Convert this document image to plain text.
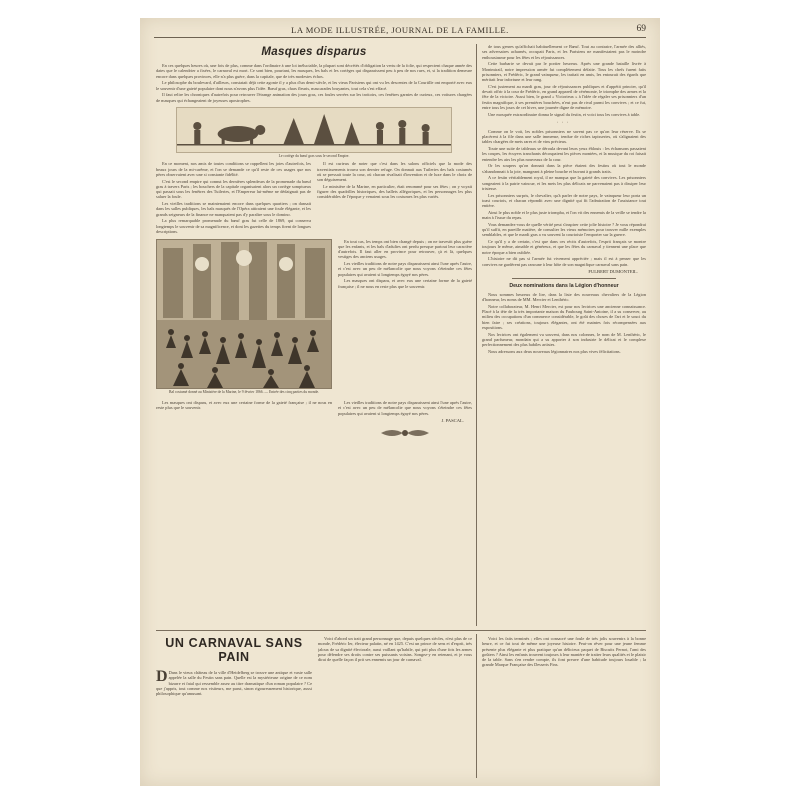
LA MODE ILLUSTRÉE, JOURNAL DE LA FAMILLE.	69
Masques disparus

En ces quelques heures où, une fois de plus, comme dans l'ordinaire à une loi inéluctable, la plupart sont décrétés d'obligation la vertu de la folie, qui respectent chaque année des dates que le calendrier a fixées, le carnaval est mort. Ce sont bien, pourtant, les masques, les bals et les cortèges qui disparaissent peu à peu de nos rues, et, si la tradition demeure encore dans quelques provinces, elle n'a plus guère, dans la capitale, que de très modestes échos.

Le philosophe du boulevard, d'ailleurs, constatait déjà cette agonie il y a plus d'un demi-siècle, et les vieux Parisiens qui ont vu les descentes de la Courtille ont emporté avec eux le souvenir d'une gaieté populaire dont nous n'avons plus l'idée. Bœuf gras, chars fleuris, mascarades bruyantes, tout cela s'est effacé.

Il faut relire les chroniques d'autrefois pour retrouver l'étrange animation des jours gras, ces foules serrées sur les trottoirs, ces fenêtres garnies de curieux, ces voitures chargées de masques qui échangeaient de joyeuses apostrophes.

Le cortège du bœuf gras sous le second Empire.

En ce moment, nos amis de toutes conditions se rappellent les joies d'autrefois, les beaux jours de la mi-carême, et l'on se demande ce qu'il reste de ces usages que nos pères observaient avec une si constante fidélité.

C'est le second empire qui connut les dernières splendeurs de la promenade du bœuf gras à travers Paris ; les bouchers de la capitale organisaient alors un cortège somptueux qui passait sous les fenêtres des Tuileries, et l'Empereur lui-même ne dédaignait pas de saluer la foule.

Les vieilles traditions se maintenaient encore dans quelques quartiers ; on dansait dans les salles publiques, les bals masqués de l'Opéra attiraient une foule élégante, et les grands seigneurs de la finance ne manquaient pas d'y paraître sous le domino.

La plus remarquable promenade du bœuf gras fut celle de 1869, qui conserva longtemps le souvenir de sa magnificence, et dont les gazettes du temps firent de longues descriptions.

Il est curieux de noter que c'est dans les salons officiels que la mode des travestissements trouva son dernier refuge. On donnait aux Tuileries des bals costumés où se pressait toute la cour, où chacun rivalisait d'invention et de luxe dans le choix de son déguisement.

Le ministère de la Marine, en particulier, était renommé pour ses fêtes ; on y voyait figurer des quadrilles historiques, des ballets allégoriques, et les personnages les plus considérables de l'époque y venaient sous les costumes les plus variés.

Bal costumé donné au Ministère de la Marine, le 9 février 1866. — Entrée des cinq parties du monde.

En tout cas, les temps ont bien changé depuis ; on ne travestit plus guère que les enfants, et les bals d'adultes ont perdu presque partout leur caractère d'autrefois. Il faut aller en province pour retrouver, çà et là, quelques vestiges des anciens usages.

Les vieilles traditions de notre pays disparaissent ainsi l'une après l'autre, et c'est avec un peu de mélancolie que nous voyons s'éteindre ces fêtes populaires qui avaient si longtemps égayé nos pères.

Les masques ont disparu, et avec eux une certaine forme de la gaieté française ; il ne nous en reste plus que le souvenir.

Les masques ont disparu, et avec eux une certaine forme de la gaieté française ; il ne nous en reste plus que le souvenir.

Les vieilles traditions de notre pays disparaissent ainsi l'une après l'autre, et c'est avec un peu de mélancolie que nous voyons s'éteindre ces fêtes populaires qui avaient si longtemps égayé nos pères.

J. PASCAL.

de tous genres qu'affichait habituellement ce Bœuf. Tout au contraire, l'armée des alliés, ses adversaires acharnés, occupait Paris, et les Parisiens ne manifestaient pas le moindre enthousiasme pour les fêtes et les réjouissances.

Cette barbarie se devait par le portier heureux. Après une grande bataille livrée à Montmirail, notre impression armée fut complètement défaite. Tous les chefs furent faits prisonniers, et Frédéric, le grand vainqueur, les traitait en amis, les entourait des égards que méritait leur infortune et leur rang.

C'est justement au mardi gras, jour de réjouissances publiques et d'appétit princier, qu'il devait offrir à la cour de Frédéric, en grand appareil de cérémonie, le triomphe des armes et la fête de la victoire. Aussi bien, le grand « Victorieux » à l'idée de régaler ses prisonniers d'un festin magnifique, à ses premières bouchées, n'eut pas de rival parmi les convives ; et ce fut, entre tous les jours de cet hiver, une journée digne de mémoire.

Une mosquée extraordinaire donna le signal du festin, et voici tous les convives à table.

···

Comme on le voit, les nobles prisonniers ne savent pas ce qu'on leur réserve. Ils se placèrent à la file dans une salle immense, tendue de riches tapisseries, où s'alignaient des tables chargées de mets rares et de vins précieux.

Toute une suite de tableaux se déroula devant leurs yeux éblouis : les échansons passaient les coupes, les écuyers tranchants découpaient les pièces montées, et la musique du roi faisait entendre les airs les plus nouveaux de la cour.

Or les soupers qu'on donnait dans la pièce étaient des festins où tout le monde s'abandonnait à la joie, mangeant à pleine bouche et buvant à grands traits.

A ce festin véritablement royal, il ne manqua que la gaieté des convives. Les prisonniers songeaient à la patrie vaincue, et les mets les plus délicats ne parvenaient pas à dissiper leur tristesse.

Les prisonniers surpris, le chevalier, qu'à parler de notre pays, le vainqueur leur porta un toast courtois, et chacun répondit avec une dignité qui fit l'admiration de l'assistance tout entière.

Ainsi le plus noble et le plus juste triompha, et l'on vit des ennemis de la veille se tendre la main à l'issue du repas.

Vous demandez-vous de quelle vérité peut s'inspirer cette jolie histoire ? Je vous répondrai qu'il suffit, en pareille matière, de consulter les vieux mémoires pour trouver mille exemples semblables, et que le mardi gras a vu souvent la courtoisie l'emporter sur la guerre.

Ce qu'il y a de certain, c'est que dans ces récits d'autrefois, l'esprit français se montre toujours le même, aimable et généreux, et que les fêtes du carnaval y tiennent une place que notre époque a bien oubliée.

L'histoire ne dit pas si l'armée fut vivement appréciée ; mais il est à penser que les convives ne gardèrent pas rancune à leur hôte de son magnifique carnaval sans pain.

FULBERT DUMONTEIL.
Deux nominations dans la Légion d'honneur

Nous sommes heureux de lire, dans la liste des nouveaux chevaliers de la Légion d'honneur, les noms de MM. Mercier et Lenthéric.

Notre collaborateur, M. Henri Mercier, est pour nos lectrices une ancienne connaissance. Placé à la tête de la très importante maison du Faubourg Saint-Antoine, il a su conserver, au milieu des occupations d'un commerce considérable, le goût des choses de l'art et le souci du bien faire ; ses créations, toujours élégantes, ont été maintes fois récompensées aux expositions.

Nos lectrices ont également vu souvent, dans nos colonnes, le nom de M. Lenthéric, le grand parfumeur, mondain qui a su apporter à son industrie le délicat et le complexe perfectionnement des plus habiles artistes.

Nous adressons aux deux nouveaux légionnaires nos plus vives félicitations.

UN CARNAVAL SANS PAIN
D Dans le vieux château de la ville d'Heidelberg se trouve une antique et vaste salle appelée la salle du Festin sans pain. Quelle est la mystérieuse origine de ce nom bizarre et fatal qui ressemble assez au titre dramatique d'un roman populaire ? Ce que j'appris, tout comme nos visiteurs, me parut, sinon rigoureusement historique, aussi philosophique qu'amusant.

Voici d'abord un trait grand personnage que, depuis quelques siècles, n'est plus de ce monde, Frédéric Ier, électeur palatin, né en 1425. C'est un prince de sens et d'esprit, très jaloux de sa dignité électorale, aussi vaillant qu'habile, qui prit plus d'une fois les armes pour défendre ses droits contre ses puissants voisins. Songez-y en retenant, et je vous dirai de quelle façon il prit ses ennemis un jour de carnaval.

Voici les faits terminés ; elles ont consacré une foule de très jolis souvenirs à la bonne heure, et ce fut tout de même une joyeuse histoire. Peut-on rêver pour une jeune femme présente plus élégante et plus pratique qu'un délicieux paquet de Biscuits Pernot, l'ami des goûters ? Ainsi les enfants trouvent toujours à leur manière de traiter leurs qualités et le plaisir de la table. Sans s'en rendre compte, ils font preuve d'une habitude toujours louable ; la grande Marque Française des Desserts Fins.
